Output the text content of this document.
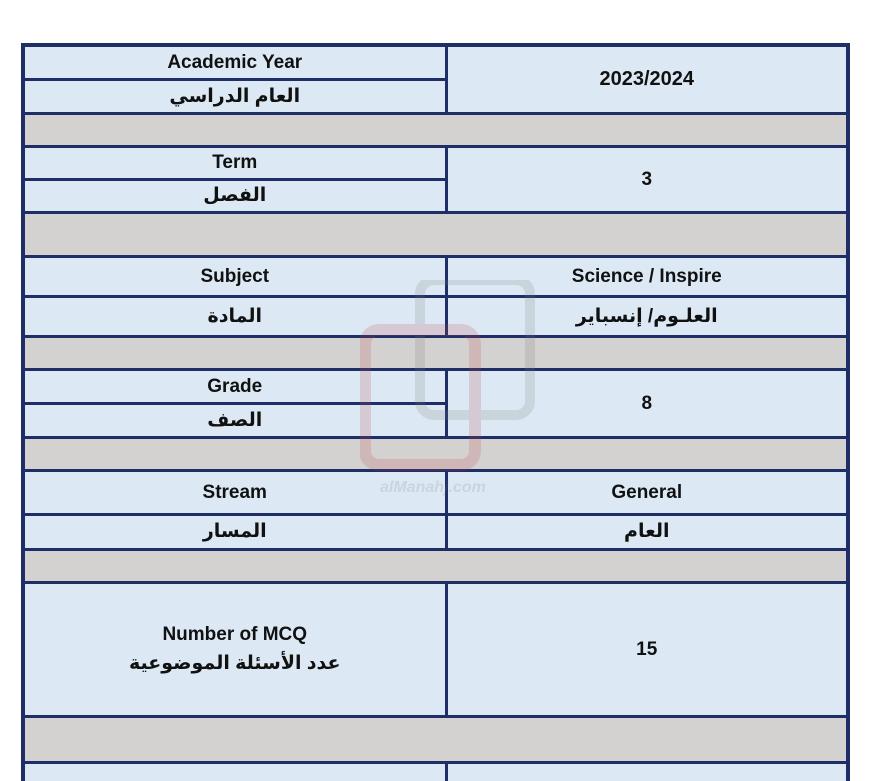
Academic Year	2023/2024
العام الدراسي	

Term	3
الفصل	

Subject	Science / Inspire
المادة	العلـوم/ إنسباير

Grade	8
الصف	

Stream	General
المسار	العام

Number of MCQ
عدد الأسئلة الموضوعية	15
